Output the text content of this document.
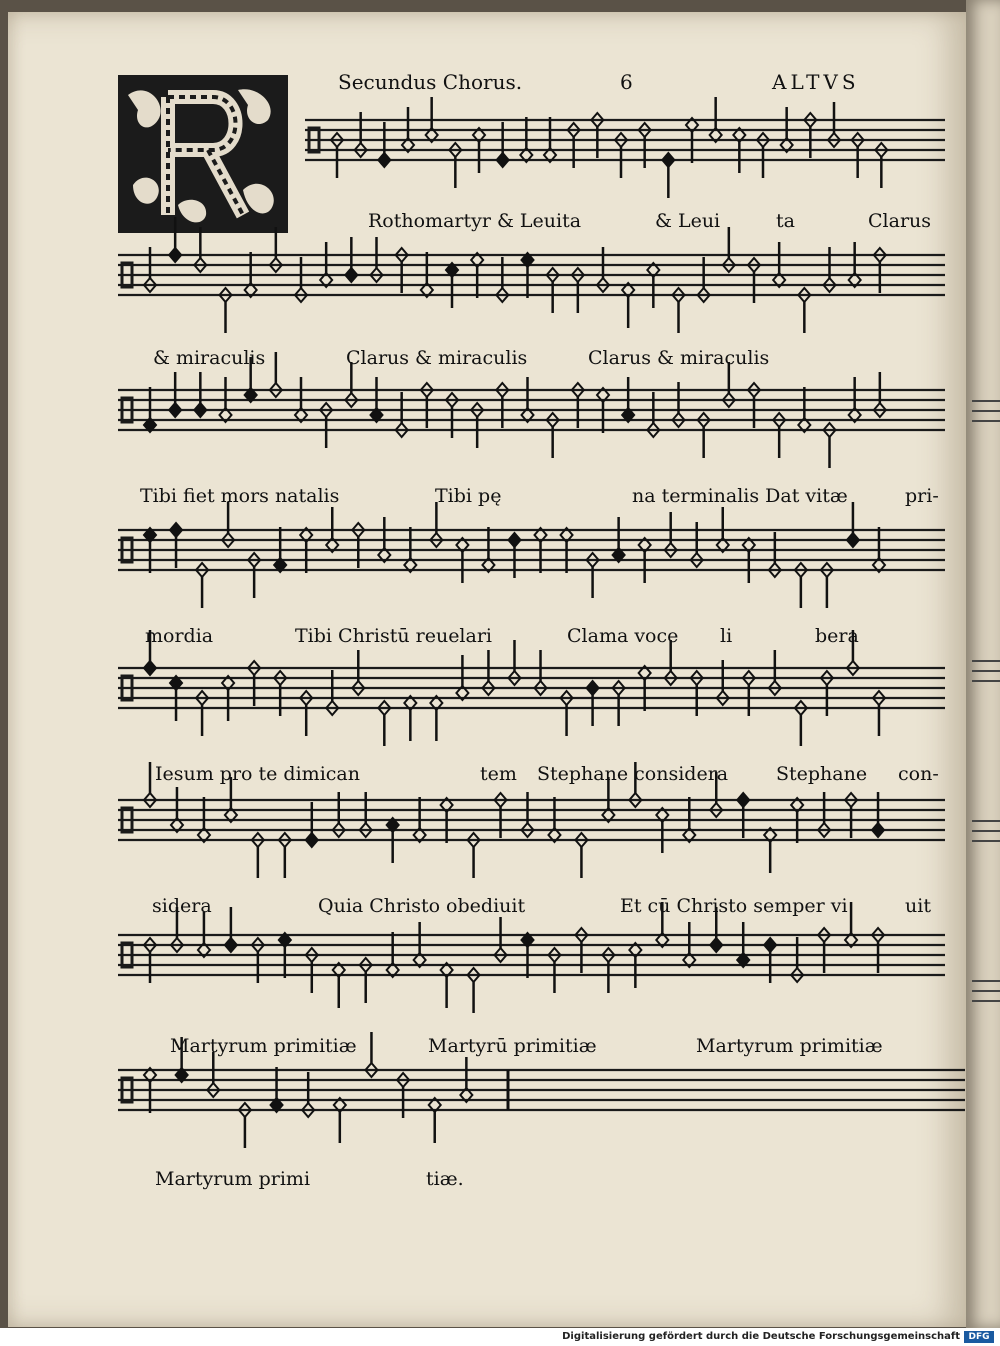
Secundus Chorus.	6	ALTVS
Rothomartyr & Leuita	& Leui	ta	Clarus
& miraculis	Clarus & miraculis	Clarus & miraculis
Tibi fiet mors natalis	Tibi pę	na terminalis Dat vitæ	pri-
mordia	Tibi Christū reuelari	Clama voce li	bera
Iesum pro te dimican	tem Stephane considera	Stephane con-
sidera	Quia Christo obediuit	Et cū Christo semper vi	uit
Martyrum primitiæ	Martyrū primitiæ	Martyrum primitiæ
Martyrum primi	tiæ.
Digitalisierung gefördert durch die Deutsche Forschungsgemeinschaft DFG
